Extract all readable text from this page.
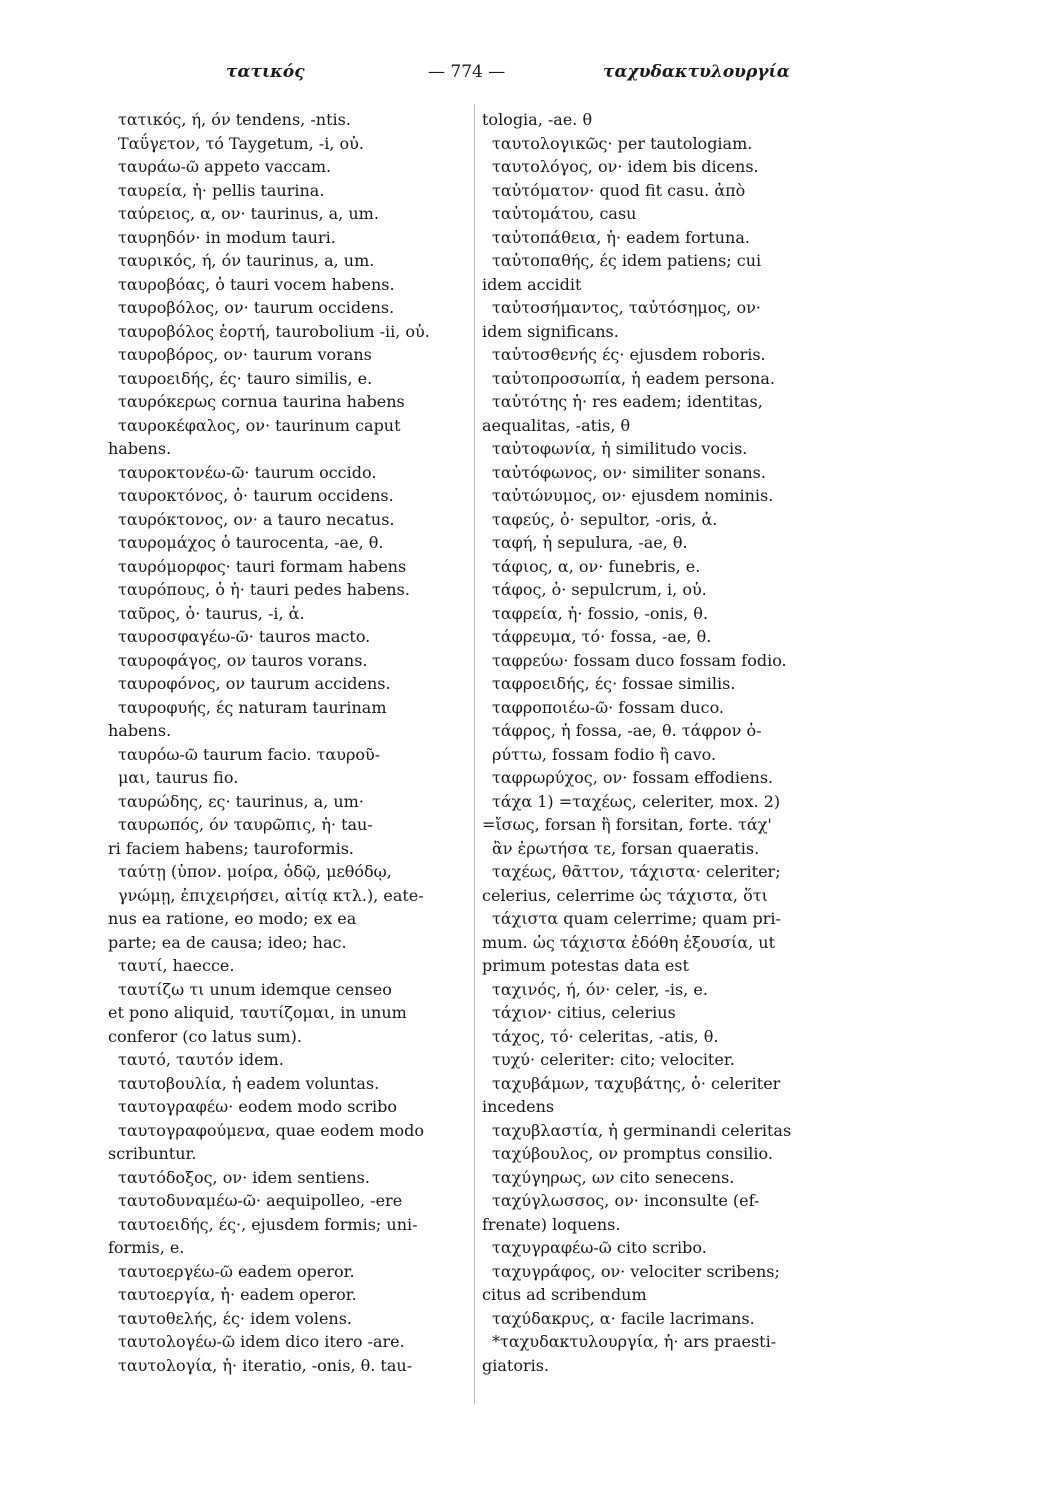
τατικός	— 774 —	ταχυδακτυλουργία
τατικός, ή, όν tendens, -ntis.
Ταΰγετον, τό Taygetum, -i, οὐ.
ταυράω-ῶ appeto vaccam.
ταυρεία, ἡ· pellis taurina.
ταύρειος, α, ον· taurinus, a, um.
ταυρηδόν· in modum tauri.
ταυρικός, ή, όν taurinus, a, um.
ταυροβόας, ὁ tauri vocem habens.
ταυροβόλος, ον· taurum occidens.
ταυροβόλος ἑορτή, taurobolium -ii, οὐ.
ταυροβόρος, ον· taurum vorans
ταυροειδής, ές· tauro similis, e.
ταυρόκερως cornua taurina habens
ταυροκέφαλος, ον· taurinum caput
habens.
ταυροκτονέω-ῶ· taurum occido.
ταυροκτόνος, ὁ· taurum occidens.
ταυρόκτονος, ον· a tauro necatus.
ταυρομάχος ὁ taurocenta, -ae, θ.
ταυρόμορφος· tauri formam habens
ταυρόπους, ὁ ἡ· tauri pedes habens.
ταῦρος, ὁ· taurus, -i, ἀ.
ταυροσφαγέω-ῶ· tauros macto.
ταυροφάγος, ον tauros vorans.
ταυροφόνος, ον taurum accidens.
ταυροφυής, ές naturam taurinam
habens.
ταυρόω-ῶ taurum facio. ταυροῦ-
μαι, taurus fio.
ταυρώδης, ες· taurinus, a, um·
ταυρωπός, όν ταυρῶπις, ἡ· tau-
ri faciem habens; tauroformis.
ταύτῃ (ὑπον. μοίρα, ὁδῷ, μεθόδῳ,
γνώμῃ, ἐπιχειρήσει, αἰτίᾳ κτλ.), eate-
nus ea ratione, eo modo; ex ea
parte; ea de causa; ideo; hac.
ταυτί, haecce.
ταυτίζω τι unum idemque censeo
et pono aliquid, ταυτίζομαι, in unum
conferor (co latus sum).
ταυτό, ταυτόν idem.
ταυτοβουλία, ἡ eadem voluntas.
ταυτογραφέω· eodem modo scribo
ταυτογραφούμενα, quae eodem modo
scribuntur.
ταυτόδοξος, ον· idem sentiens.
ταυτοδυναμέω-ῶ· aequipolleo, -ere
ταυτοειδής, ές·, ejusdem formis; uni-
formis, e.
ταυτοεργέω-ῶ eadem operor.
ταυτοεργία, ἡ· eadem operor.
ταυτοθελής, ές· idem volens.
ταυτολογέω-ῶ idem dico itero -are.
ταυτολογία, ἡ· iteratio, -onis, θ. tau-
tologia, -ae. θ
ταυτολογικῶς· per tautologiam.
ταυτολόγος, ον· idem bis dicens.
ταὐτόματον· quod fit casu. ἀπὸ
ταὐτομάτου, casu
ταὐτοπάθεια, ἡ· eadem fortuna.
ταὐτοπαθής, ές idem patiens; cui
idem accidit
ταὐτοσήμαντος, ταὐτόσημος, ον·
idem significans.
ταὐτοσθενής ές· ejusdem roboris.
ταὐτοπροσωπία, ἡ eadem persona.
ταὐτότης ἡ· res eadem; identitas,
aequalitas, -atis, θ
ταὐτοφωνία, ἡ similitudo vocis.
ταὐτόφωνος, ον· similiter sonans.
ταὐτώνυμος, ον· ejusdem nominis.
ταφεύς, ὁ· sepultor, -oris, ἀ.
ταφή, ἡ sepulura, -ae, θ.
τάφιος, α, ον· funebris, e.
τάφος, ὁ· sepulcrum, i, οὐ.
ταφρεία, ἡ· fossio, -onis, θ.
τάφρευμα, τό· fossa, -ae, θ.
ταφρεύω· fossam duco fossam fodio.
ταφροειδής, ές· fossae similis.
ταφροποιέω-ῶ· fossam duco.
τάφρος, ἡ fossa, -ae, θ. τάφρον ὀ-
ρύττω, fossam fodio ἢ cavo.
ταφρωρύχος, ον· fossam effodiens.
τάχα 1) =ταχέως, celeriter, mox. 2)
=ἴσως, forsan ἢ forsitan, forte. τάχ'
ἂν ἐρωτήσα τε, forsan quaeratis.
ταχέως, θᾶττον, τάχιστα· celeriter;
celerius, celerrime ὡς τάχιστα, ὅτι
τάχιστα quam celerrime; quam pri-
mum. ὡς τάχιστα ἐδόθη ἐξουσία, ut
primum potestas data est
ταχινός, ή, όν· celer, -is, e.
τάχιον· citius, celerius
τάχος, τό· celeritas, -atis, θ.
τυχύ· celeriter: cito; velociter.
ταχυβάμων, ταχυβάτης, ὁ· celeriter
incedens
ταχυβλαστία, ἡ germinandi celeritas
ταχύβουλος, ον promptus consilio.
ταχύγηρως, ων cito senecens.
ταχύγλωσσος, ον· inconsulte (ef-
frenate) loquens.
ταχυγραφέω-ῶ cito scribo.
ταχυγράφος, ον· velociter scribens;
citus ad scribendum
ταχύδακρυς, α· facile lacrimans.
*ταχυδακτυλουργία, ἡ· ars praesti-
giatoris.
